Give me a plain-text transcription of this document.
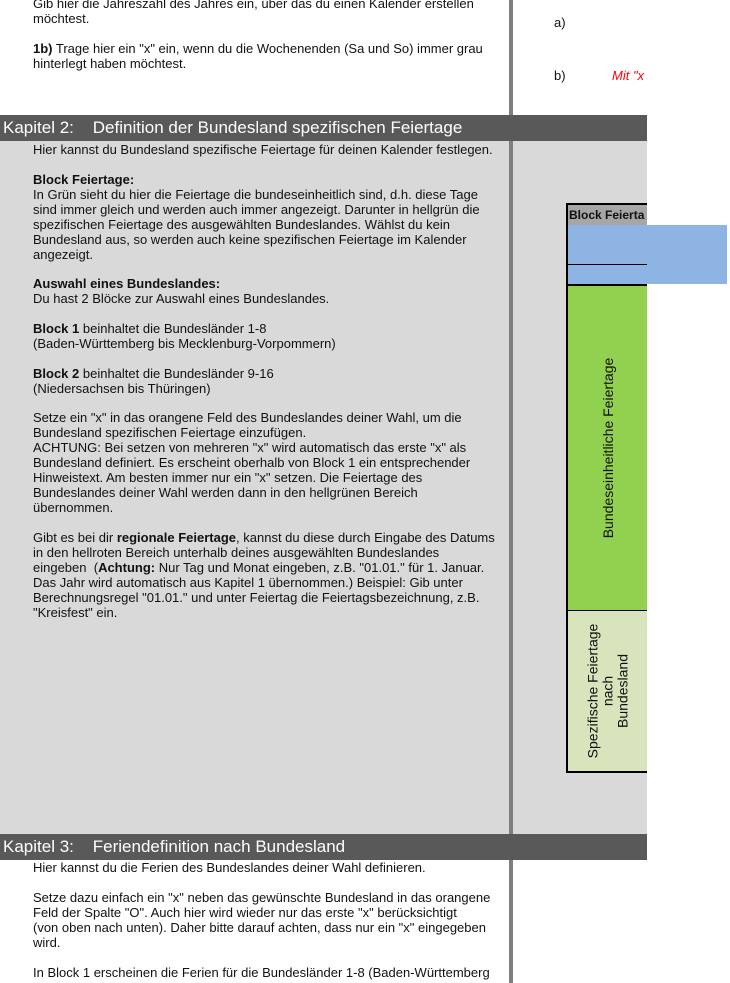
Gib hier die Jahreszahl des Jahres ein, über das du einen Kalender erstellen
möchtest.
1b) Trage hier ein "x" ein, wenn du die Wochenenden (Sa und So) immer grau
hinterlegt haben möchtest.
a)
b)	Mit "x
Kapitel 2:    Definition der Bundesland spezifischen Feiertage
Hier kannst du Bundesland spezifische Feiertage für deinen Kalender festlegen.
Block Feiertage:
In Grün sieht du hier die Feiertage die bundeseinheitlich sind, d.h. diese Tage
sind immer gleich und werden auch immer angezeigt. Darunter in hellgrün die
spezifischen Feiertage des ausgewählten Bundeslandes. Wählst du kein
Bundesland aus, so werden auch keine spezifischen Feiertage im Kalender
angezeigt.
Auswahl eines Bundeslandes:
Du hast 2 Blöcke zur Auswahl eines Bundeslandes.
Block 1 beinhaltet die Bundesländer 1-8
(Baden-Württemberg bis Mecklenburg-Vorpommern)
Block 2 beinhaltet die Bundesländer 9-16
(Niedersachsen bis Thüringen)
Setze ein "x" in das orangene Feld des Bundeslandes deiner Wahl, um die
Bundesland spezifischen Feiertage einzufügen.
ACHTUNG: Bei setzen von mehreren "x" wird automatisch das erste "x" als
Bundesland definiert. Es erscheint oberhalb von Block 1 ein entsprechender
Hinweistext. Am besten immer nur ein "x" setzen. Die Feiertage des
Bundeslandes deiner Wahl werden dann in den hellgrünen Bereich
übernommen.
Gibt es bei dir regionale Feiertage, kannst du diese durch Eingabe des Datums
in den hellroten Bereich unterhalb deines ausgewählten Bundeslandes
eingeben  (Achtung: Nur Tag und Monat eingeben, z.B. "01.01." für 1. Januar.
Das Jahr wird automatisch aus Kapitel 1 übernommen.) Beispiel: Gib unter
Berechnungsregel "01.01." und unter Feiertag die Feiertagsbezeichnung, z.B.
"Kreisfest" ein.
Block Feierta
Bundeseinheitliche Feiertage
Spezifische Feiertage nach Bundesland
Kapitel 3:    Feriendefinition nach Bundesland
Hier kannst du die Ferien des Bundeslandes deiner Wahl definieren.
Setze dazu einfach ein "x" neben das gewünschte Bundesland in das orangene
Feld der Spalte "O". Auch hier wird wieder nur das erste "x" berücksichtigt
(von oben nach unten). Daher bitte darauf achten, dass nur ein "x" eingegeben
wird.
In Block 1 erscheinen die Ferien für die Bundesländer 1-8 (Baden-Württemberg
